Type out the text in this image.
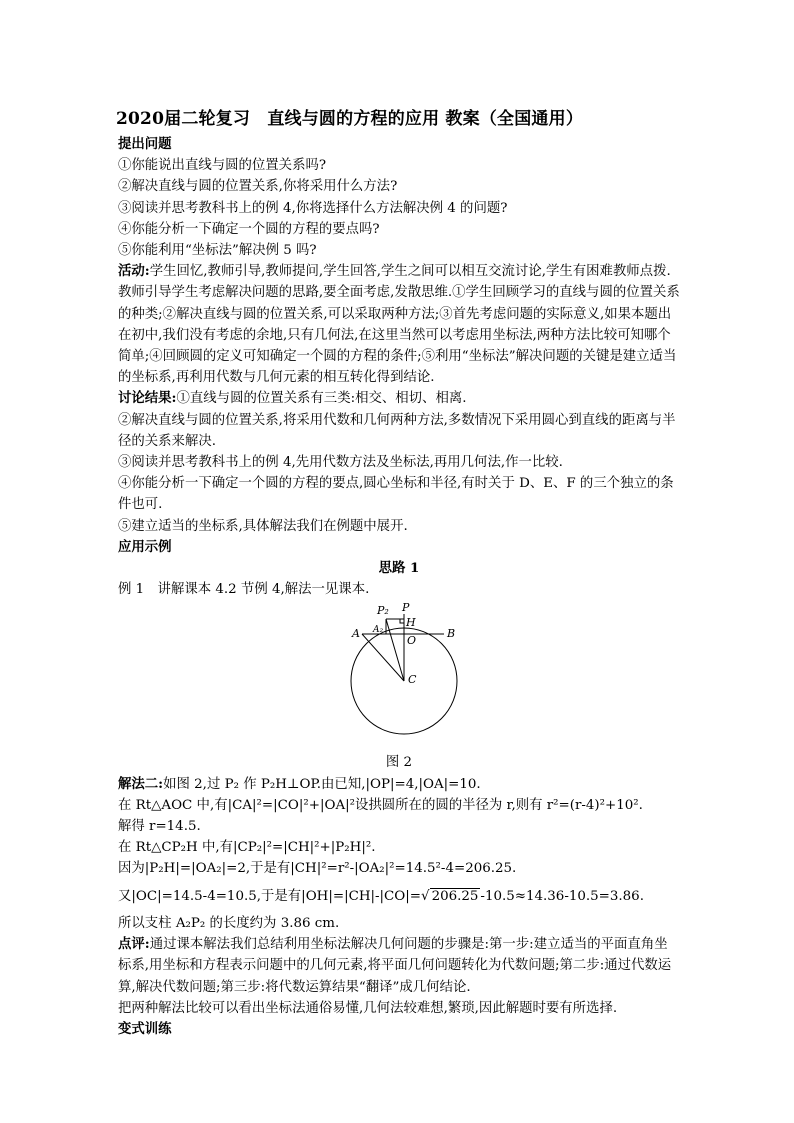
2020届二轮复习　直线与圆的方程的应用 教案（全国通用）

提出问题

①你能说出直线与圆的位置关系吗?

②解决直线与圆的位置关系,你将采用什么方法?

③阅读并思考教科书上的例 4,你将选择什么方法解决例 4 的问题?

④你能分析一下确定一个圆的方程的要点吗?

⑤你能利用“坐标法”解决例 5 吗?

活动:学生回忆,教师引导,教师提问,学生回答,学生之间可以相互交流讨论,学生有困难教师点拨.教师引导学生考虑解决问题的思路,要全面考虑,发散思维.①学生回顾学习的直线与圆的位置关系的种类;②解决直线与圆的位置关系,可以采取两种方法;③首先考虑问题的实际意义,如果本题出在初中,我们没有考虑的余地,只有几何法,在这里当然可以考虑用坐标法,两种方法比较可知哪个简单;④回顾圆的定义可知确定一个圆的方程的条件;⑤利用“坐标法”解决问题的关键是建立适当的坐标系,再利用代数与几何元素的相互转化得到结论.

讨论结果:①直线与圆的位置关系有三类:相交、相切、相离.

②解决直线与圆的位置关系,将采用代数和几何两种方法,多数情况下采用圆心到直线的距离与半径的关系来解决.

③阅读并思考教科书上的例 4,先用代数方法及坐标法,再用几何法,作一比较.

④你能分析一下确定一个圆的方程的要点,圆心坐标和半径,有时关于 D、E、F 的三个独立的条件也可.

⑤建立适当的坐标系,具体解法我们在例题中展开.

应用示例

思路 1

例 1　讲解课本 4.2 节例 4,解法一见课本.

A	B
C
H
O
P
P₂
A₂

图 2

解法二:如图 2,过 P₂ 作 P₂H⊥OP.由已知,|OP|=4,|OA|=10.

在 Rt△AOC 中,有|CA|²=|CO|²+|OA|²设拱圆所在的圆的半径为 r,则有 r²=(r-4)²+10².

解得 r=14.5.

在 Rt△CP₂H 中,有|CP₂|²=|CH|²+|P₂H|².

因为|P₂H|=|OA₂|=2,于是有|CH|²=r²-|OA₂|²=14.5²-4=206.25.

又|OC|=14.5-4=10.5,于是有|OH|=|CH|-|CO|=√ 206.25 -10.5≈14.36-10.5=3.86.

所以支柱 A₂P₂ 的长度约为 3.86 cm.

点评:通过课本解法我们总结利用坐标法解决几何问题的步骤是:第一步:建立适当的平面直角坐标系,用坐标和方程表示问题中的几何元素,将平面几何问题转化为代数问题;第二步:通过代数运算,解决代数问题;第三步:将代数运算结果“翻译”成几何结论.

把两种解法比较可以看出坐标法通俗易懂,几何法较难想,繁琐,因此解题时要有所选择.

变式训练
